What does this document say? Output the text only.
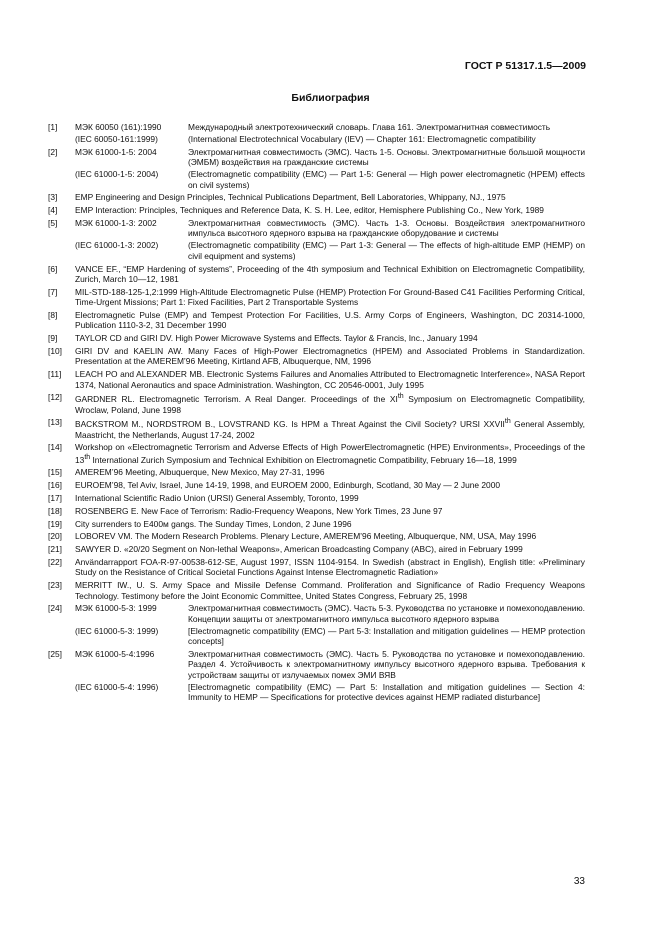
ГОСТ Р 51317.1.5—2009
Библиография
[1]	МЭК 60050 (161):1990	Международный электротехнический словарь. Глава 161. Электромагнитная совместимость
(IEC 60050-161:1999)	(International Electrotechnical Vocabulary (IEV) — Chapter 161: Electromagnetic compatibility
[2]	МЭК 61000-1-5: 2004	Электромагнитная совместимость (ЭМС). Часть 1-5. Основы. Электромагнитные большой мощности (ЭМБМ) воздействия на гражданские системы
(IEC 61000-1-5: 2004)	(Electromagnetic compatibility (EMC) — Part 1-5: General — High power electromagnetic (HPEM) effects on civil systems)
[3]	EMP Engineering and Design Principles, Technical Publications Department, Bell Laboratories, Whippany, NJ., 1975
[4]	EMP Interaction: Principles, Techniques and Reference Data, K. S. H. Lee, editor, Hemisphere Publishing Co., New York, 1989
[5]	МЭК 61000-1-3: 2002	Электромагнитная совместимость (ЭМС). Часть 1-3. Основы. Воздействия электромагнитного импульса высотного ядерного взрыва на гражданские оборудование и системы
(IEC 61000-1-3: 2002)	(Electromagnetic compatibility (EMC) — Part 1-3: General — The effects of high-altitude EMP (HEMP) on civil equipment and systems)
[6]	VANCE EF., “EMP Hardening of systems”, Proceeding of the 4th symposium and Technical Exhibition on Electromagnetic Compatibility, Zurich, March 10—12, 1981
[7]	MIL-STD-188-125-1,2:1999 High-Altitude Electromagnetic Pulse (HEMP) Protection For Ground-Based C41 Facilities Performing Critical, Time-Urgent Missions; Part 1: Fixed Facilities, Part 2 Transportable Systems
[8]	Electromagnetic Pulse (EMP) and Tempest Protection For Facilities, U.S. Army Corps of Engineers, Washington, DC 20314-1000, Publication 1110-3-2, 31 December 1990
[9]	TAYLOR CD and GIRI DV. High Power Microwave Systems and Effects. Taylor & Francis, Inc., January 1994
[10]	GIRI DV and KAELIN AW. Many Faces of High-Power Electromagnetics (HPEM) and Associated Problems in Standardization. Presentation at the AMEREM’96 Meeting, Kirtland AFB, Albuquerque, NM, 1996
[11]	LEACH PO and ALEXANDER MB. Electronic Systems Failures and Anomalies Attributed to Electromagnetic Interference», NASA Report 1374, National Aeronautics and space Administration. Washington, CC 20546-0001, July 1995
[12]	GARDNER RL. Electromagnetic Terrorism. A Real Danger. Proceedings of the XIth Symposium on Electromagnetic Compatibility, Wroclaw, Poland, June 1998
[13]	BACKSTROM M., NORDSTROM B., LOVSTRAND KG. Is HPM a Threat Against the Civil Society? URSI XXVIIth General Assembly, Maastricht, the Netherlands, August 17-24, 2002
[14]	Workshop on «Electromagnetic Terrorism and Adverse Effects of High PowerElectromagnetic (HPE) Environments», Proceedings of the 13th International Zurich Symposium and Technical Exhibition on Electromagnetic Compatibility, February 16—18, 1999
[15]	AMEREM’96 Meeting, Albuquerque, New Mexico, May 27-31, 1996
[16]	EUROEM’98, Tel Aviv, Israel, June 14-19, 1998, and EUROEM 2000, Edinburgh, Scotland, 30 May — 2 June 2000
[17]	International Scientific Radio Union (URSI) General Assembly, Toronto, 1999
[18]	ROSENBERG E. New Face of Terrorism: Radio-Frequency Weapons, New York Times, 23 June 97
[19]	City surrenders to E400м gangs. The Sunday Times, London, 2 June 1996
[20]	LOBOREV VM. The Modern Research Problems. Plenary Lecture, AMEREM’96 Meeting, Albuquerque, NM, USA, May 1996
[21]	SAWYER D. «20/20 Segment on Non-lethal Weapons», American Broadcasting Company (ABC), aired in February 1999
[22]	Användarrapport FOA-R-97-00538-612-SE, August 1997, ISSN 1104-9154. In Swedish (abstract in English), English title: «Preliminary Study on the Resistance of Critical Societal Functions Against Intense Electromagnetic Radiation»
[23]	MERRITT IW., U. S. Army Space and Missile Defense Command. Proliferation and Significance of Radio Frequency Weapons Technology. Testimony before the Joint Economic Committee, United States Congress, February 25, 1998
[24]	МЭК 61000-5-3: 1999	Электромагнитная совместимость (ЭМС). Часть 5-3. Руководства по установке и помехоподавлению. Концепции защиты от электромагнитного импульса высотного ядерного взрыва
(IEC 61000-5-3: 1999)	[Electromagnetic compatibility (EMC) — Part 5-3: Installation and mitigation guidelines — HEMP protection concepts]
[25]	МЭК 61000-5-4:1996	Электромагнитная совместимость (ЭМС). Часть 5. Руководства по установке и помехоподавлению. Раздел 4. Устойчивость к электромагнитному импульсу высотного ядерного взрыва. Требования к устройствам защиты от излучаемых помех ЭМИ ВЯВ
(IEC 61000-5-4: 1996)	[Electromagnetic compatibility (EMC) — Part 5: Installation and mitigation guidelines — Section 4: Immunity to HEMP — Specifications for protective devices against HEMP radiated disturbance]
33
